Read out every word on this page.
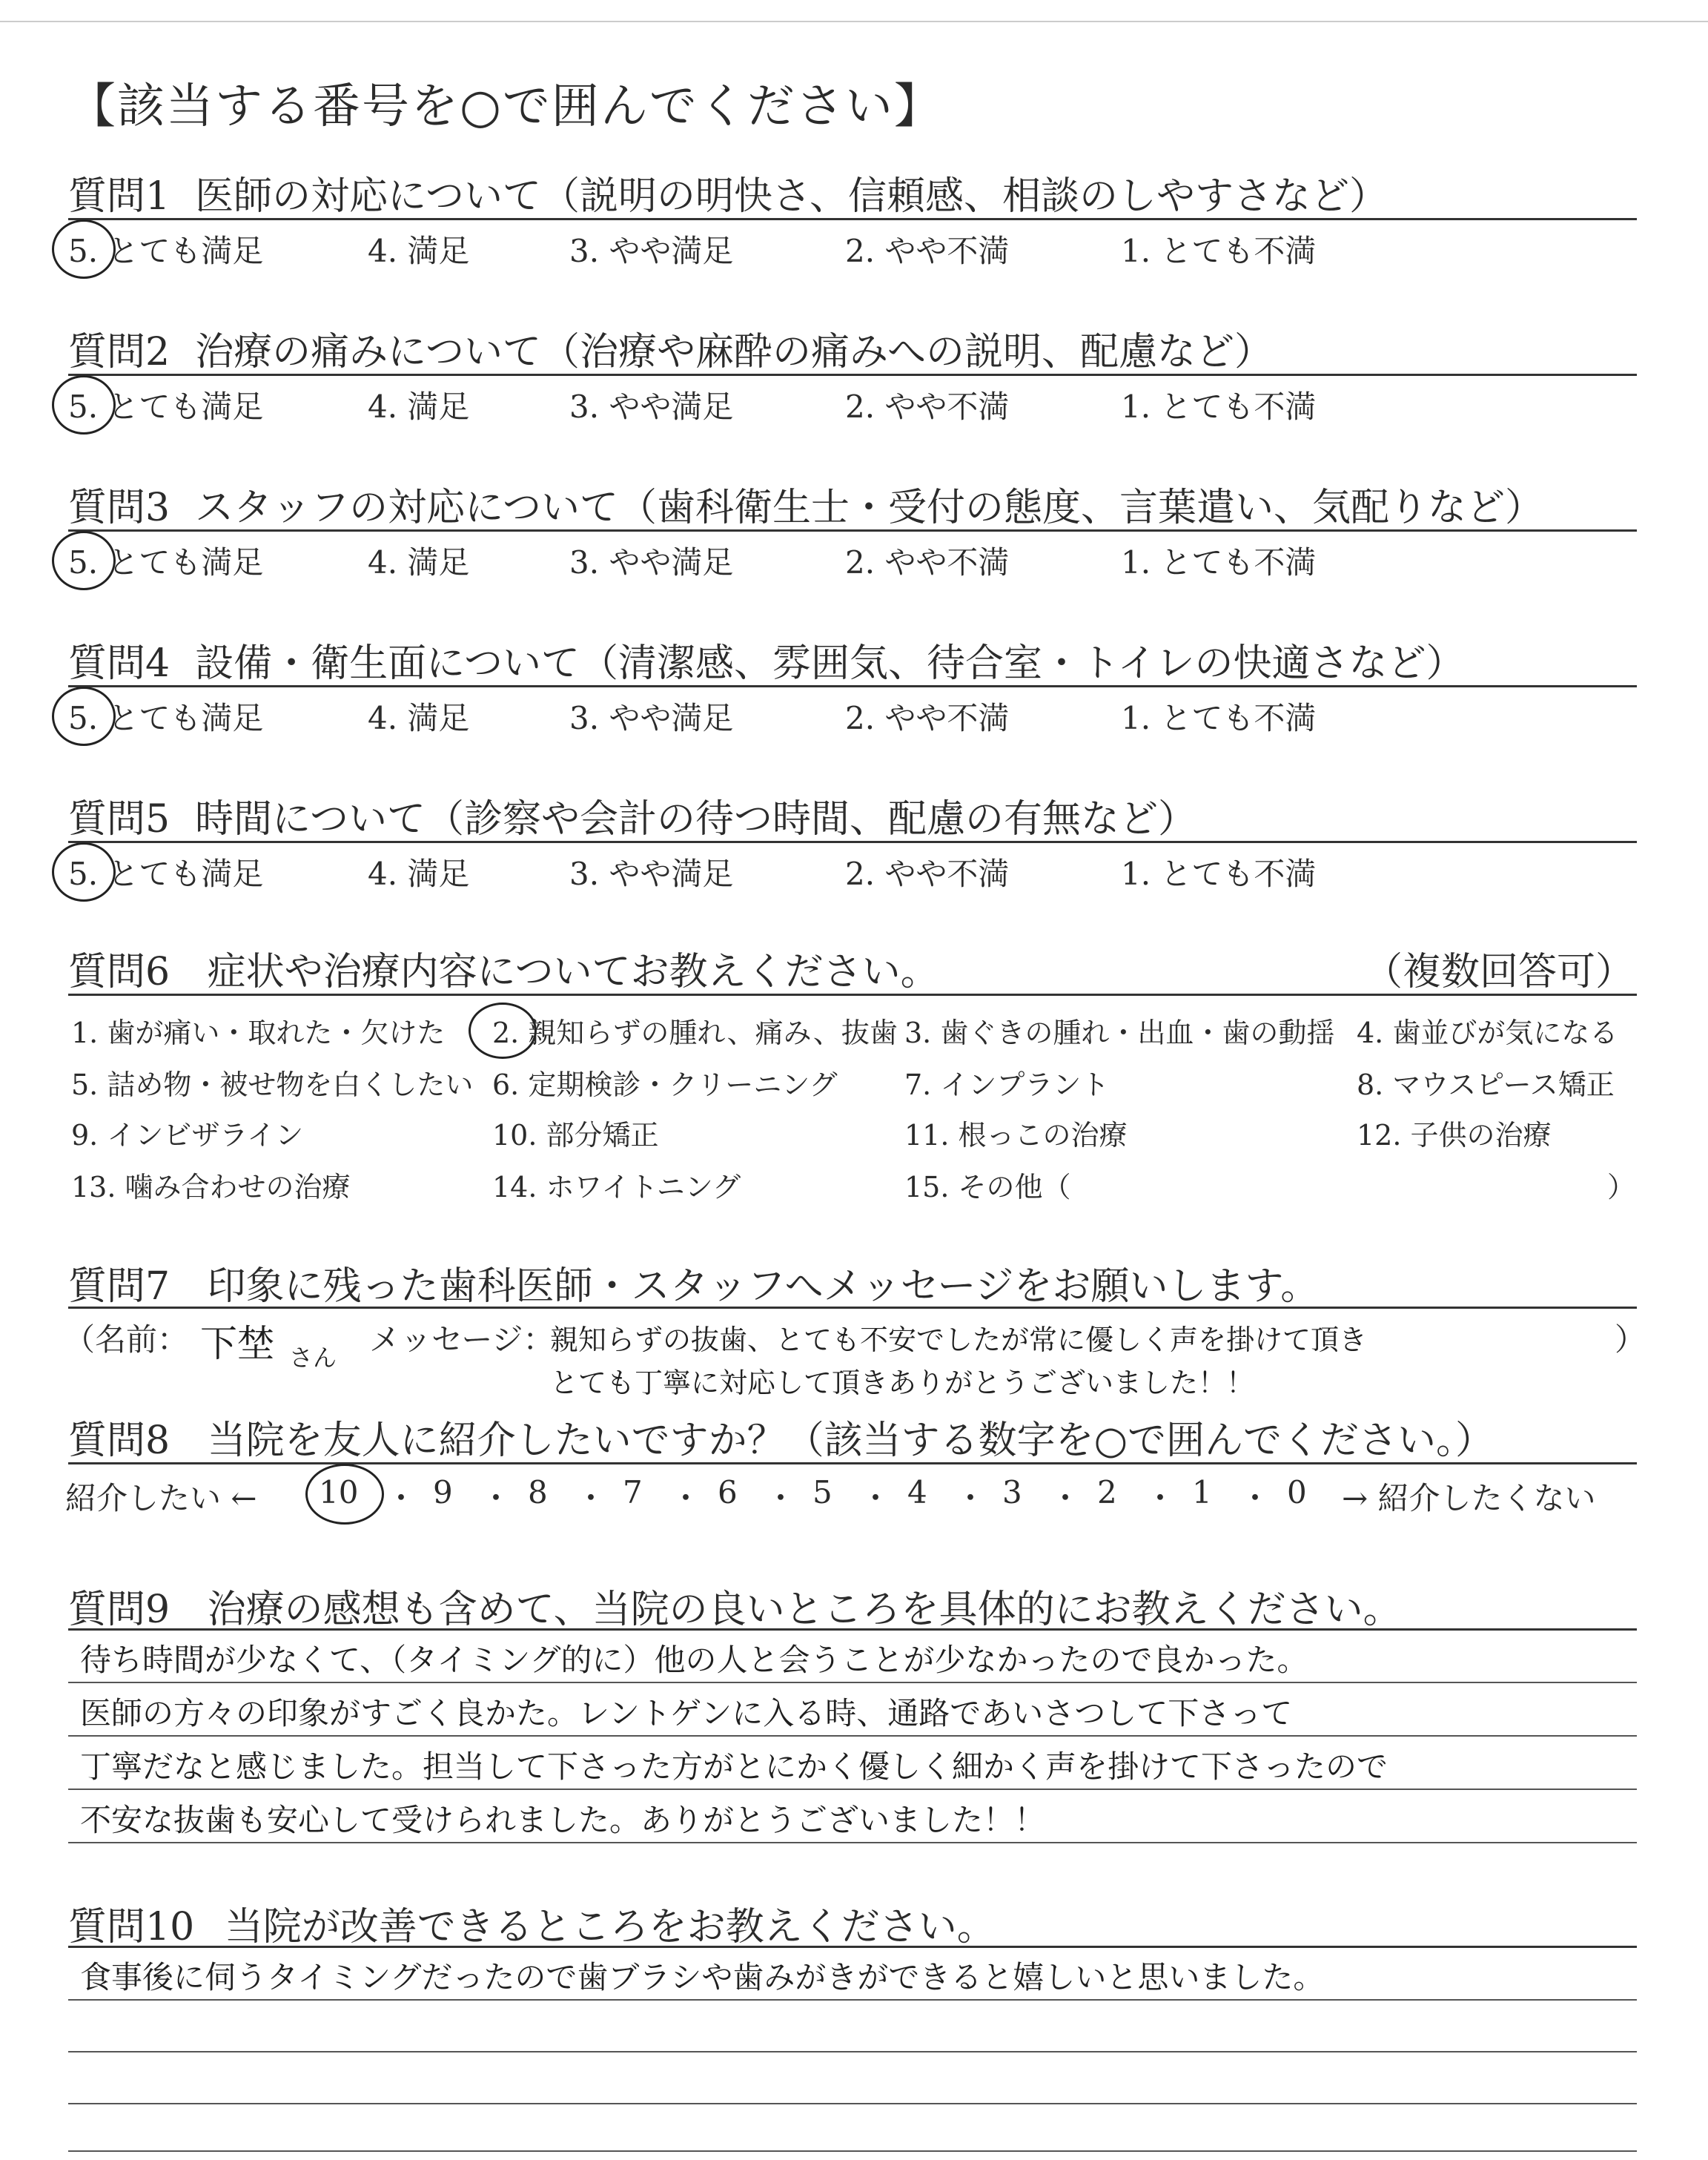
【該当する番号を○で囲んでください】
質問1 医師の対応について（説明の明快さ、信頼感、相談のしやすさなど）
5. とても満足	4. 満足	3. やや満足	2. やや不満	1. とても不満
質問2 治療の痛みについて（治療や麻酔の痛みへの説明、配慮など）
5. とても満足	4. 満足	3. やや満足	2. やや不満	1. とても不満
質問3 スタッフの対応について（歯科衛生士・受付の態度、言葉遣い、気配りなど）
5. とても満足	4. 満足	3. やや満足	2. やや不満	1. とても不満
質問4 設備・衛生面について（清潔感、雰囲気、待合室・トイレの快適さなど）
5. とても満足	4. 満足	3. やや満足	2. やや不満	1. とても不満
質問5 時間について（診察や会計の待つ時間、配慮の有無など）
5. とても満足	4. 満足	3. やや満足	2. やや不満	1. とても不満
質問6 症状や治療内容についてお教えください。	（複数回答可）
1. 歯が痛い・取れた・欠けた 2. 親知らずの腫れ、痛み、抜歯 3. 歯ぐきの腫れ・出血・歯の動揺 4. 歯並びが気になる
5. 詰め物・被せ物を白くしたい 6. 定期検診・クリーニング 7. インプラント	8. マウスピース矯正
9. インビザライン	10. 部分矯正	11. 根っこの治療	12. 子供の治療
13. 噛み合わせの治療	14. ホワイトニング	15. その他（	）
質問7 印象に残った歯科医師・スタッフへメッセージをお願いします。
（名前： 下埜 さん メッセージ：
親知らずの抜歯、とても不安でしたが常に優しく声を掛けて頂き
とても丁寧に対応して頂きありがとうございました！！
）
質問8 当院を友人に紹介したいですか？（該当する数字を○で囲んでください。）
紹介したい ← 10 ・ 9 ・ 8 ・ 7 ・ 6 ・ 5 ・ 4 ・ 3 ・ 2 ・ 1 ・ 0 → 紹介したくない
質問9 治療の感想も含めて、当院の良いところを具体的にお教えください。
待ち時間が少なくて、（タイミング的に）他の人と会うことが少なかったので良かった。
医師の方々の印象がすごく良かた。レントゲンに入る時、通路であいさつして下さって
丁寧だなと感じました。担当して下さった方がとにかく優しく細かく声を掛けて下さったので
不安な抜歯も安心して受けられました。ありがとうございました！！
質問10 当院が改善できるところをお教えください。
食事後に伺うタイミングだったので歯ブラシや歯みがきができると嬉しいと思いました。
